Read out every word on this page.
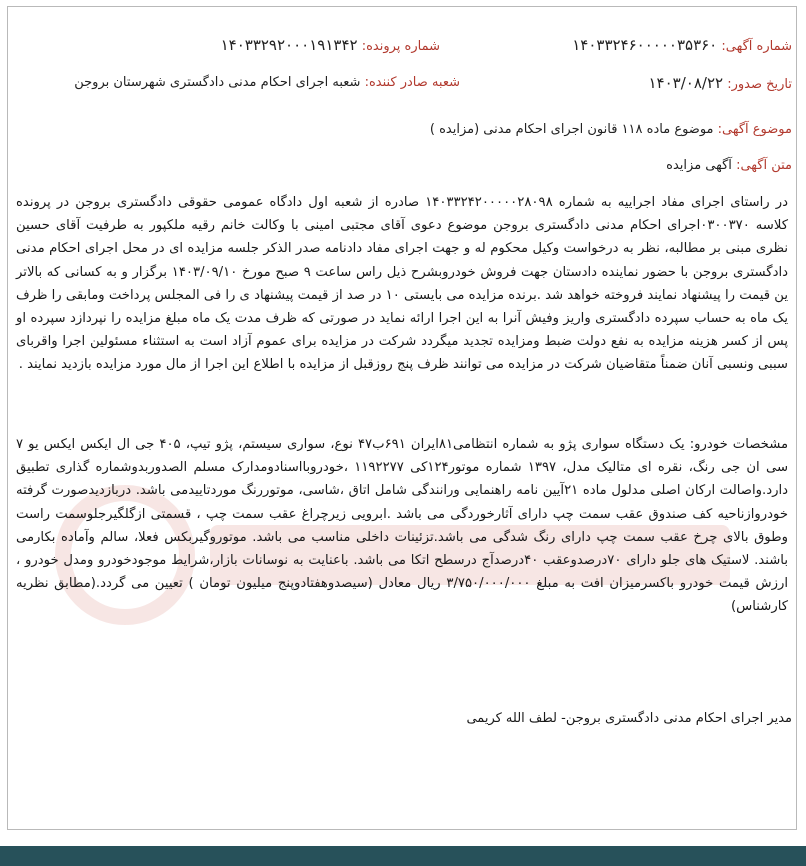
شماره آگهی: ۱۴۰۳۳۲۴۶۰۰۰۰۰۳۵۳۶۰
شماره پرونده: ۱۴۰۳۳۲۹۲۰۰۰۱۹۱۳۴۲
تاریخ صدور: ۱۴۰۳/۰۸/۲۲
شعبه صادر کننده: شعبه اجرای احکام مدنی دادگستری شهرستان بروجن
موضوع آگهی: موضوع ماده ۱۱۸ قانون اجرای احکام مدنی (مزایده )
متن آگهی: آگهی مزایده

در راستای اجرای مفاد اجراییه به شماره ۱۴۰۳۳۲۴۲۰۰۰۰۰۲۸۰۹۸ صادره از شعبه اول دادگاه عمومی حقوقی دادگستری بروجن در پرونده کلاسه ۰۳۰۰۳۷۰اجرای احکام مدنی دادگستری بروجن موضوع دعوی آقای مجتبی امینی با وکالت خانم رقیه ملکپور به طرفیت آقای حسین نظری مبنی بر مطالبه، نظر به درخواست وکیل محکوم له و جهت اجرای مفاد دادنامه صدر الذکر جلسه مزایده ای در محل اجرای احکام مدنی دادگستری بروجن با حضور نماینده دادستان جهت فروش خودروبشرح ذیل راس ساعت ۹ صبح مورخ ۱۴۰۳/۰۹/۱۰ برگزار و به کسانی که بالاتر ین قیمت را پیشنهاد نمایند فروخته خواهد شد .برنده مزایده می بایستی ۱۰ در صد از قیمت پیشنهاد ی را فی المجلس پرداخت ومابقی را ظرف یک ماه به حساب سپرده دادگستری واریز وفیش آنرا به این اجرا ارائه نماید در صورتی که ظرف مدت یک ماه مبلغ مزایده را نپردازد سپرده او پس از کسر هزینه مزایده به نفع دولت ضبط ومزایده تجدید میگردد شرکت در مزایده برای عموم آزاد است به استثناء مسئولین اجرا واقربای سببی ونسبی آنان ضمناً متقاضیان شرکت در مزایده می توانند ظرف پنج روزقبل از مزایده با اطلاع این اجرا از مال مورد مزایده بازدید نمایند .

مشخصات خودرو: یک دستگاه سواری پژو به شماره انتظامی۸۱ایران ۶۹۱ب۴۷ نوع، سواری سیستم، پژو تیپ، ۴۰۵ جی ال ایکس ایکس یو ۷ سی ان جی رنگ، نقره ای متالیک مدل، ۱۳۹۷ شماره موتور۱۲۴کی ۱۱۹۲۲۷۷ ،خودروبااسنادومدارک مسلم الصدوربدوشماره گذاری تطبیق دارد.واصالت ارکان اصلی مدلول ماده ۲۱آیین نامه راهنمایی ورانندگی شامل اتاق ،شاسی، موتوررنگ موردتاییدمی باشد. دربازدیدصورت گرفته خودروازناحیه کف صندوق عقب سمت چپ دارای آثارخوردگی می باشد .ابرویی زیرچراغ عقب سمت چپ ، قسمتی ازگلگیرجلوسمت راست وطوق بالای چرخ عقب سمت چپ دارای رنگ شدگی می باشد.تزئینات داخلی مناسب می باشد. موتوروگیربکس فعلا، سالم وآماده بکارمی باشند. لاستیک های جلو دارای ۷۰درصدوعقب ۴۰درصدآج درسطح اتکا می باشد. باعنایت به نوسانات بازار،شرایط موجودخودرو ومدل خودرو ، ارزش قیمت خودرو باکسرمیزان افت به مبلغ ۳/۷۵۰/۰۰۰/۰۰۰ ریال معادل (سیصدوهفتادوپنج میلیون تومان ) تعیین می گردد.(مطابق نظریه کارشناس)

مدیر اجرای احکام مدنی دادگستری بروجن- لطف الله کریمی
